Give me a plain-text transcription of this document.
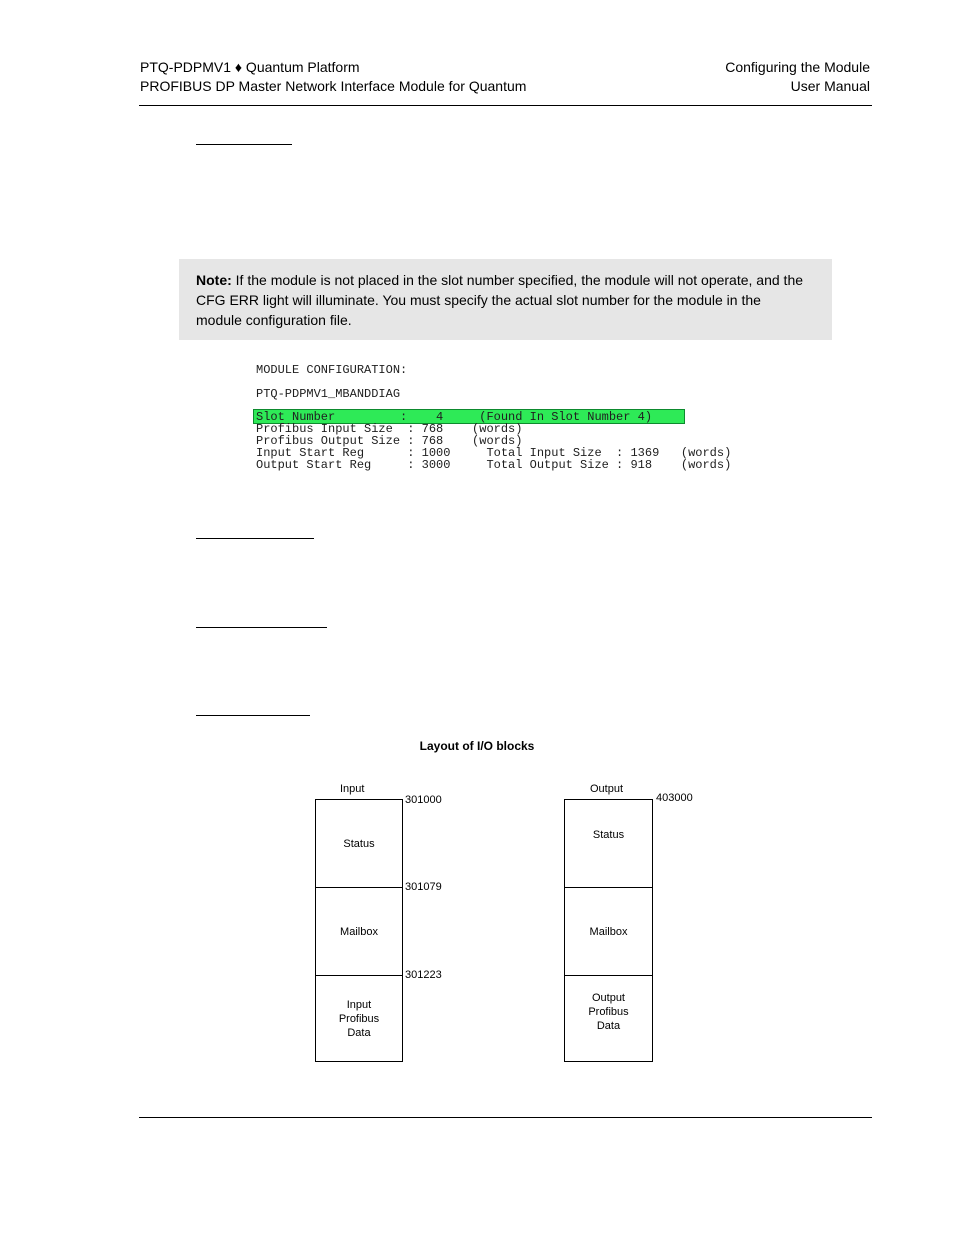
PTQ-PDPMV1 ♦ Quantum Platform
PROFIBUS DP Master Network Interface Module for Quantum
Configuring the Module
User Manual
Note: If the module is not placed in the slot number specified, the module will not operate, and the CFG ERR light will illuminate. You must specify the actual slot number for the module in the module configuration file.
MODULE CONFIGURATION:
PTQ-PDPMV1_MBANDDIAG
Slot Number         :    4     (Found In Slot Number 4)
Profibus Input Size  : 768    (words)
Profibus Output Size : 768    (words)
Input Start Reg      : 1000     Total Input Size  : 1369   (words)
Output Start Reg     : 3000     Total Output Size : 918    (words)
Layout of I/O blocks
Input
Status
Mailbox
Input
Profibus
Data
301000
301079
301223
Output
Status
Mailbox
Output
Profibus
Data
403000
